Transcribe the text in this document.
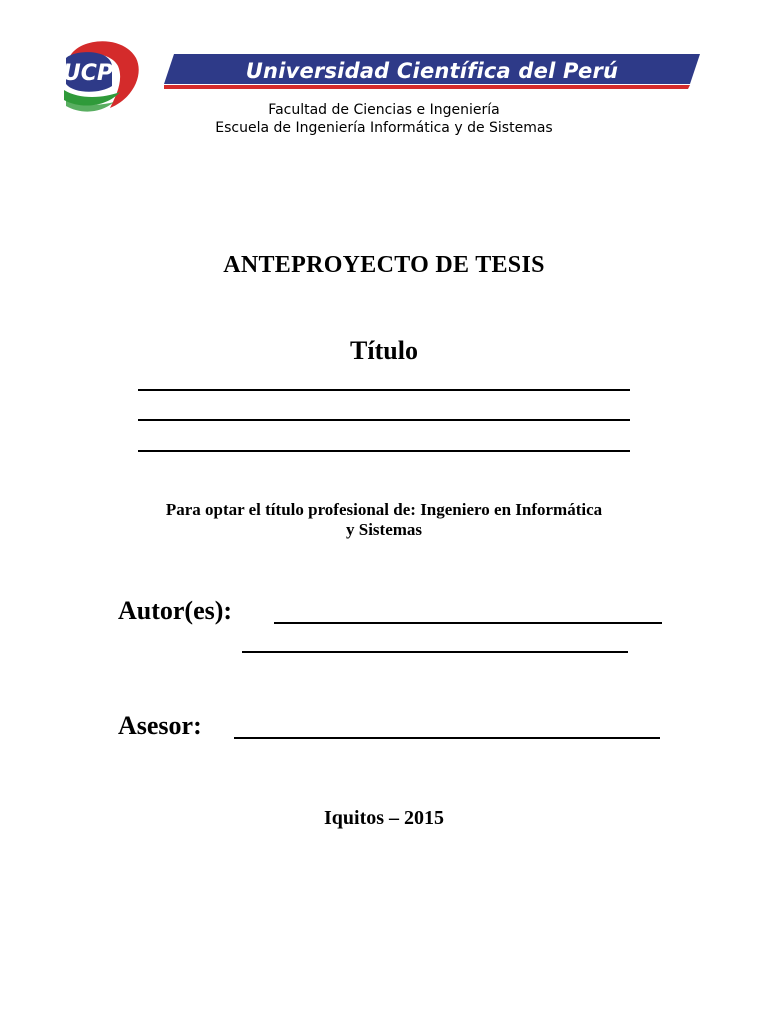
UCP	Universidad Científica del Perú
Facultad de Ciencias e Ingeniería
Escuela de Ingeniería Informática y de Sistemas
ANTEPROYECTO DE TESIS
Título
Para optar el título profesional de: Ingeniero en Informática
y Sistemas
Autor(es):
Asesor:
Iquitos – 2015
